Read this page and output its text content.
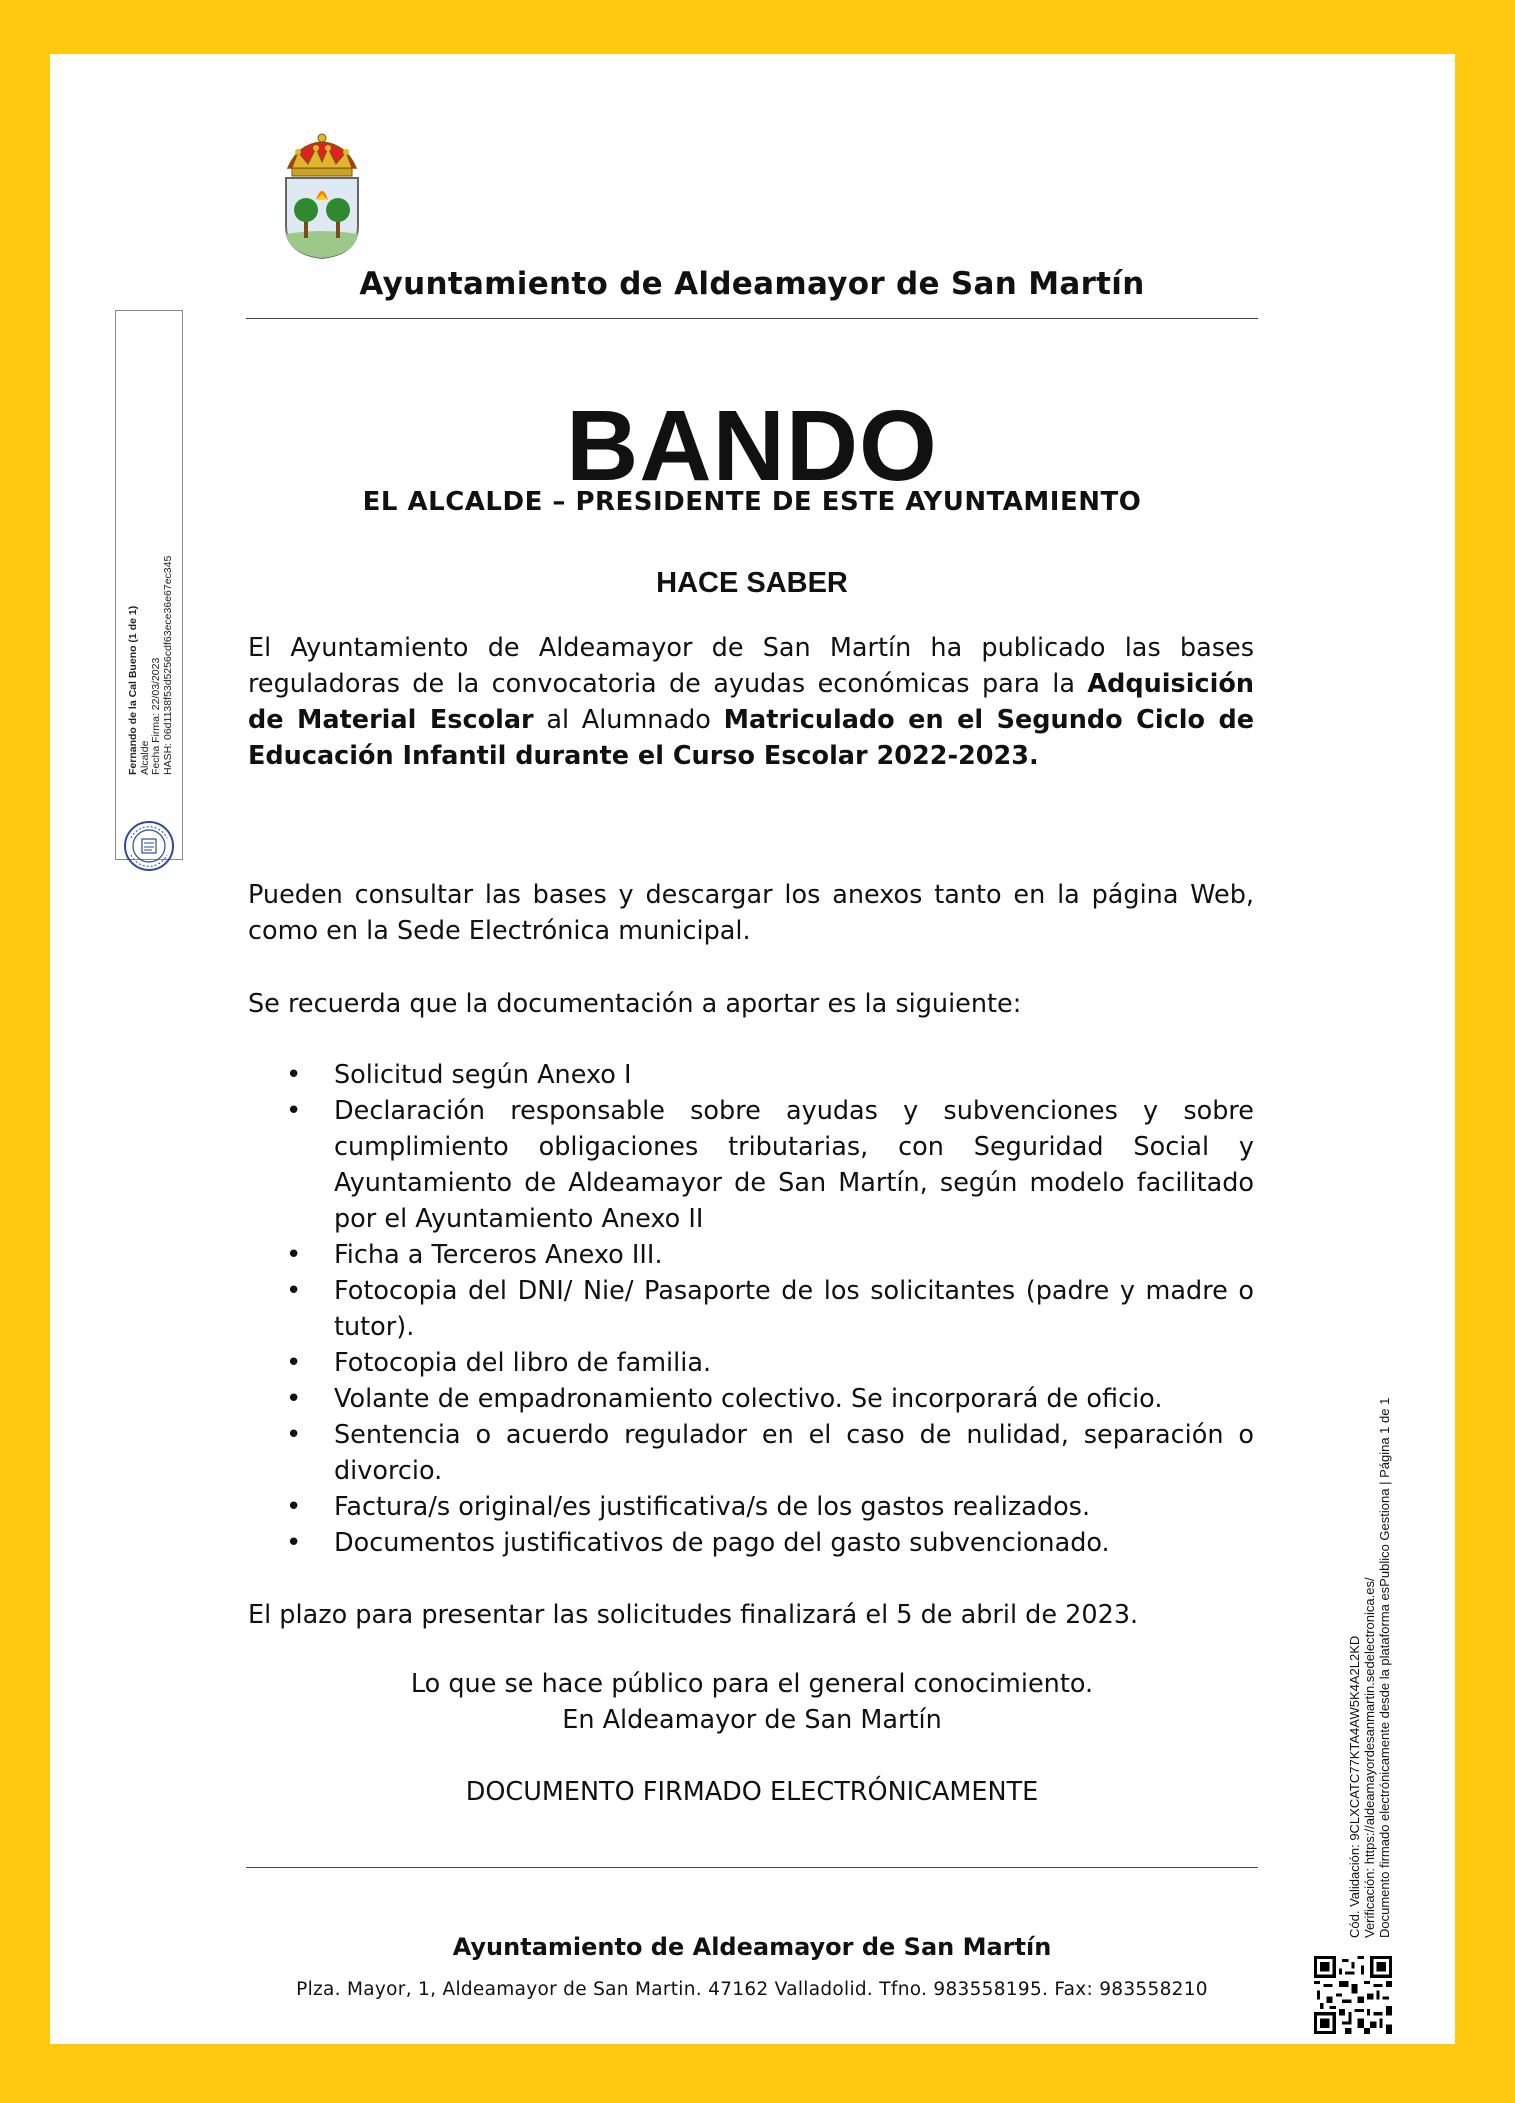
Ayuntamiento de Aldeamayor de San Martín
BANDO
EL ALCALDE – PRESIDENTE DE ESTE AYUNTAMIENTO
HACE SABER
El Ayuntamiento de Aldeamayor de San Martín ha publicado las bases reguladoras de la convocatoria de ayudas económicas para la Adquisición de Material Escolar al Alumnado Matriculado en el Segundo Ciclo de Educación Infantil durante el Curso Escolar 2022-2023.
Pueden consultar las bases y descargar los anexos tanto en la página Web, como en la Sede Electrónica municipal.
Se recuerda que la documentación a aportar es la siguiente:
• Solicitud según Anexo I
• Declaración responsable sobre ayudas y subvenciones y sobre cumplimiento obligaciones tributarias, con Seguridad Social y Ayuntamiento de Aldeamayor de San Martín, según modelo facilitado por el Ayuntamiento Anexo II
• Ficha a Terceros Anexo III.
• Fotocopia del DNI/ Nie/ Pasaporte de los solicitantes (padre y madre o tutor).
• Fotocopia del libro de familia.
• Volante de empadronamiento colectivo. Se incorporará de oficio.
• Sentencia o acuerdo regulador en el caso de nulidad, separación o divorcio.
• Factura/s original/es justificativa/s de los gastos realizados.
• Documentos justificativos de pago del gasto subvencionado.
El plazo para presentar las solicitudes finalizará el 5 de abril de 2023.
Lo que se hace público para el general conocimiento.
En Aldeamayor de San Martín
DOCUMENTO FIRMADO ELECTRÓNICAMENTE
Ayuntamiento de Aldeamayor de San Martín
Plza. Mayor, 1, Aldeamayor de San Martin. 47162 Valladolid. Tfno. 983558195. Fax: 983558210
Fernando de la Cal Bueno (1 de 1) Alcalde Fecha Firma: 22/03/2023 HASH: 06d1138f53d5256cdf63ece36e67ec345
Cód. Validación: 9CLXCATC77KTA4AW5K4A2L2KD Verificación: https://aldeamayordesanmartin.sedelectronica.es/ Documento firmado electrónicamente desde la plataforma esPublico Gestiona | Página 1 de 1
